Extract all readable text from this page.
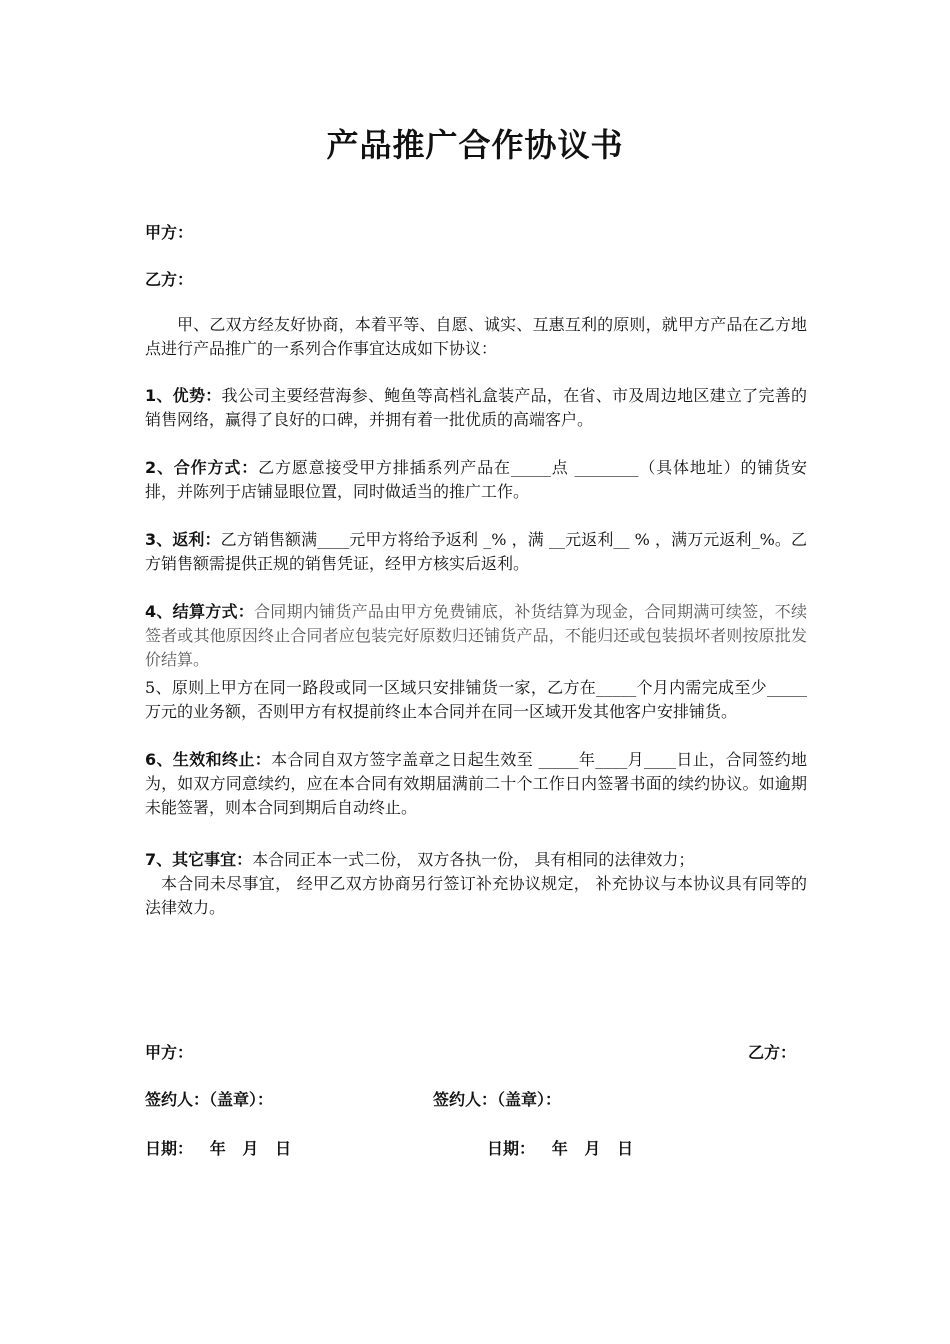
产品推广合作协议书
甲方：
乙方：
甲、乙双方经友好协商，本着平等、自愿、诚实、互惠互利的原则，就甲方产品在乙方地点进行产品推广的一系列合作事宜达成如下协议：
1、优势：我公司主要经营海参、鲍鱼等高档礼盒装产品，在省、市及周边地区建立了完善的销售网络，赢得了良好的口碑，并拥有着一批优质的高端客户。
2、合作方式：乙方愿意接受甲方排插系列产品在_____点 ________（具体地址）的铺货安排，并陈列于店铺显眼位置，同时做适当的推广工作。
3、返利：乙方销售额满____元甲方将给予返利 _% ，满 __元返利__ % ，满万元返利_%。乙方销售额需提供正规的销售凭证，经甲方核实后返利。
4、结算方式：合同期内铺货产品由甲方免费铺底，补货结算为现金，合同期满可续签，不续签者或其他原因终止合同者应包装完好原数归还铺货产品，不能归还或包装损坏者则按原批发价结算。
5、原则上甲方在同一路段或同一区域只安排铺货一家，乙方在_____个月内需完成至少_____万元的业务额，否则甲方有权提前终止本合同并在同一区域开发其他客户安排铺货。
6、生效和终止：本合同自双方签字盖章之日起生效至 _____年____月____日止，合同签约地为，如双方同意续约，应在本合同有效期届满前二十个工作日内签署书面的续约协议。如逾期未能签署，则本合同到期后自动终止。
7、其它事宜：本合同正本一式二份， 双方各执一份， 具有相同的法律效力；
本合同未尽事宜， 经甲乙双方协商另行签订补充协议规定， 补充协议与本协议具有同等的法律效力。
甲方：	乙方：
签约人：（盖章）：	签约人：（盖章）：
日期：   年   月   日	日期：   年   月   日
